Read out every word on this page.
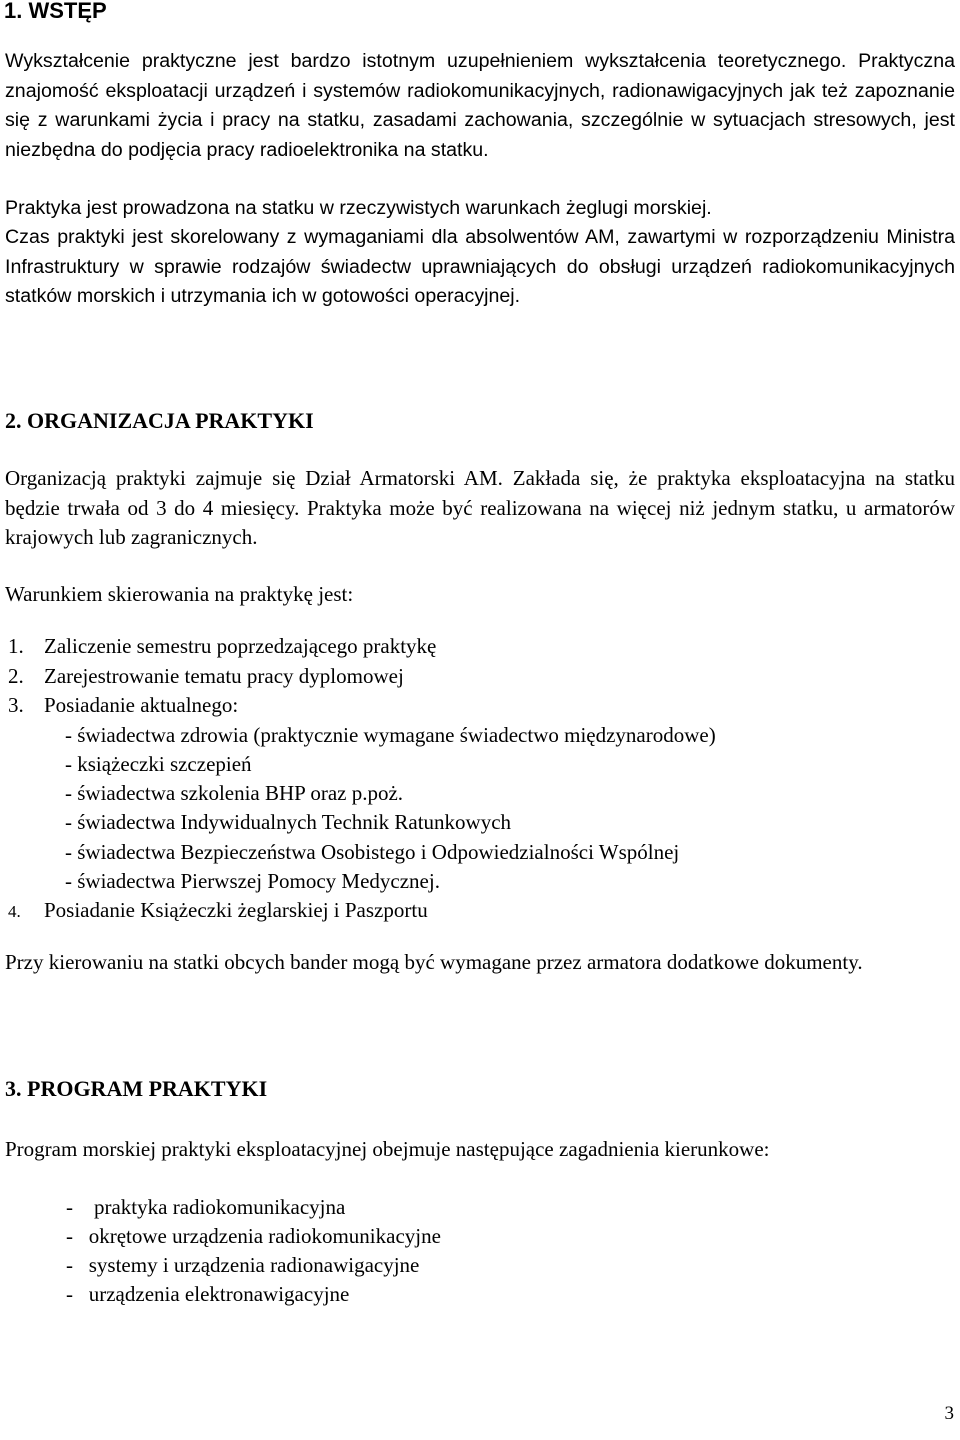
1. WSTĘP
Wykształcenie praktyczne jest bardzo istotnym uzupełnieniem wykształcenia teoretycznego. Praktyczna znajomość eksploatacji urządzeń i systemów radiokomunikacyjnych, radionawigacyjnych jak też zapoznanie się z warunkami życia i pracy na statku, zasadami zachowania, szczególnie w sytuacjach stresowych, jest niezbędna do podjęcia pracy radioelektronika na statku.
Praktyka jest prowadzona na statku w rzeczywistych warunkach żeglugi morskiej.
Czas praktyki jest skorelowany z wymaganiami dla absolwentów AM, zawartymi w rozporządzeniu Ministra Infrastruktury w sprawie rodzajów świadectw uprawniających do obsługi urządzeń radiokomunikacyjnych statków morskich i utrzymania ich w gotowości operacyjnej.
2. ORGANIZACJA PRAKTYKI
Organizacją praktyki zajmuje się Dział Armatorski AM. Zakłada się, że praktyka eksploatacyjna na statku będzie trwała od 3 do 4 miesięcy. Praktyka może być realizowana na więcej niż jednym statku, u armatorów krajowych lub zagranicznych.
Warunkiem skierowania na praktykę jest:
1. Zaliczenie semestru poprzedzającego praktykę
2. Zarejestrowanie tematu pracy dyplomowej
3. Posiadanie aktualnego:
- świadectwa zdrowia (praktycznie wymagane świadectwo międzynarodowe)
- książeczki szczepień
- świadectwa szkolenia BHP oraz p.poż.
- świadectwa Indywidualnych Technik Ratunkowych
- świadectwa Bezpieczeństwa Osobistego i Odpowiedzialności Wspólnej
- świadectwa Pierwszej Pomocy Medycznej.
4. Posiadanie Książeczki żeglarskiej i Paszportu
Przy kierowaniu na statki obcych bander mogą być wymagane przez armatora dodatkowe dokumenty.
3. PROGRAM PRAKTYKI
Program morskiej praktyki eksploatacyjnej obejmuje następujące zagadnienia kierunkowe:
-    praktyka radiokomunikacyjna
-   okrętowe urządzenia radiokomunikacyjne
-   systemy i urządzenia radionawigacyjne
-   urządzenia elektronawigacyjne
3
